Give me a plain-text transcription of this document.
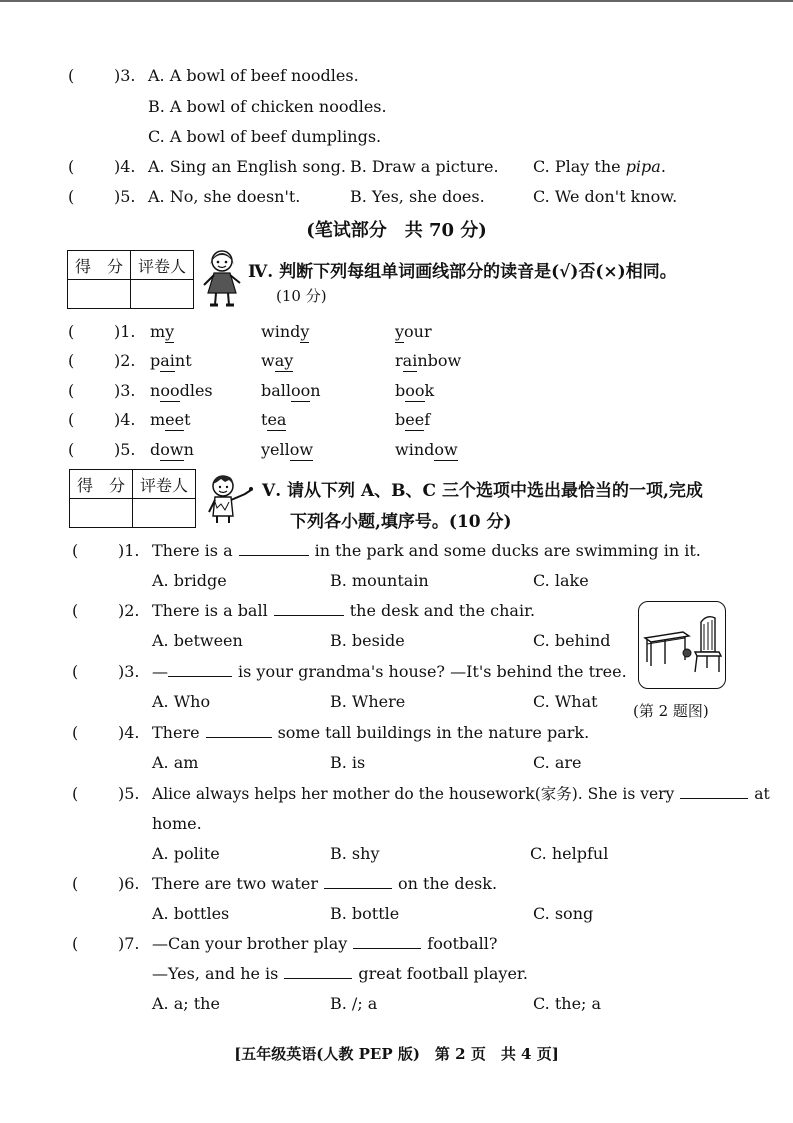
( )3. A. A bowl of beef noodles.
B. A bowl of chicken noodles.
C. A bowl of beef dumplings.
( )4. A. Sing an English song. B. Draw a picture. C. Play the pipa.
( )5. A. No, she doesn't.	B. Yes, she does.	C. We don't know.
(笔试部分　共 70 分)
得　分	评卷人
		Ⅳ. 判断下列每组单词画线部分的读音是(√)否(×)相同。
(10 分)
( )1. my	windy	your
( )2. paint	way	rainbow
( )3. noodles	balloon	book
( )4. meet	tea	beef
( )5. down	yellow	window
得　分	评卷人
		Ⅴ. 请从下列 A、B、C 三个选项中选出最恰当的一项,完成
下列各小题,填序号。(10 分)
( )1. There is a	in the park and some ducks are swimming in it.
A. bridge	B. mountain	C. lake
( )2. There is a ball	the desk and the chair.
A. between	B. beside	C. behind
(第 2 题图)
( )3. —	is your grandma's house? —It's behind the tree.
A. Who	B. Where	C. What
( )4. There	some tall buildings in the nature park.
A. am	B. is	C. are
( )5. Alice always helps her mother do the housework(家务). She is very	at
home.
A. polite	B. shy	C. helpful
( )6. There are two water	on the desk.
A. bottles	B. bottle	C. song
( )7. —Can your brother play	football?
—Yes, and he is	great football player.
A. a; the	B. /; a	C. the; a
[五年级英语(人教 PEP 版)　第 2 页　共 4 页]
